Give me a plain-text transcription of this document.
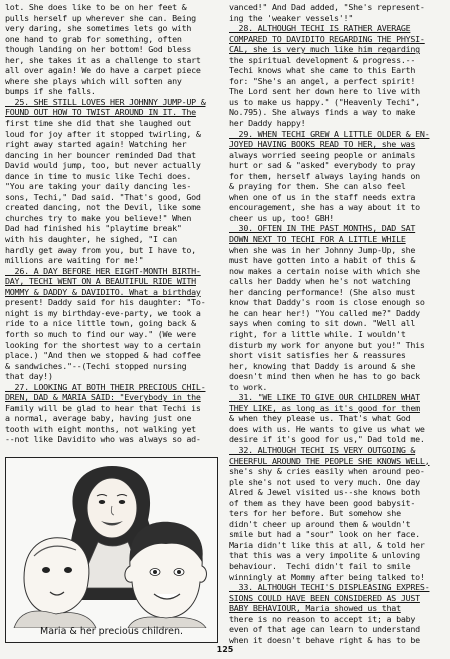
lot. She does like to be on her feet &
pulls herself up wherever she can. Being
very daring, she sometimes lets go with
one hand to grab for something, often
though landing on her bottom! God bless
her, she takes it as a challenge to start
all over again! We do have a carpet piece
where she plays which will soften any
bumps if she falls.
25. SHE STILL LOVES HER JOHNNY JUMP-UP &
FOUND OUT HOW TO TWIST AROUND IN IT. The
first time she did that she laughed out
loud for joy after it stopped twirling, &
right away started again! Watching her
dancing in her bouncer reminded Dad that
David would jump, too, but never actually
dance in time to music like Techi does.
"You are taking your daily dancing les-
sons, Techi," Dad said. "That's good, God
created dancing, not the Devil, like some
churches try to make you believe!" When
Dad had finished his "playtime break"
with his daughter, he sighed, "I can
hardly get away from you, but I have to,
millions are waiting for me!"
26. A DAY BEFORE HER EIGHT-MONTH BIRTH-
DAY, TECHI WENT ON A BEAUTIFUL RIDE WITH
MOMMY & DADDY & DAVIDITO. What a birthday
present! Daddy said for his daughter: "To-
night is my birthday-eve-party, we took a
ride to a nice little town, going back &
forth so much to find our way." (We were
looking for the shortest way to a certain
place.) "And then we stopped & had coffee
& sandwiches."--(Techi stopped nursing
that day!)
27. LOOKING AT BOTH THEIR PRECIOUS CHIL-
DREN, DAD & MARIA SAID: "Everybody in the
Family will be glad to hear that Techi is
a normal, average baby, having just one
tooth with eight months, not walking yet
--not like Davidito who was always so ad-
vanced!" And Dad added, "She's represent-
ing the 'weaker vessels'!"
28. ALTHOUGH TECHI IS RATHER AVERAGE
COMPARED TO DAVIDITO REGARDING THE PHYSI-
CAL, she is very much like him regarding
the spiritual development & progress.--
Techi knows what she came to this Earth
for: "She's an angel, a perfect spirit!
The Lord sent her down here to live with
us to make us happy." ("Heavenly Techi",
No.795). She always finds a way to make
her Daddy happy!
29. WHEN TECHI GREW A LITTLE OLDER & EN-
JOYED HAVING BOOKS READ TO HER, she was
always worried seeing people or animals
hurt or sad & "asked" everybody to pray
for them, herself always laying hands on
& praying for them. She can also feel
when one of us in the staff needs extra
encouragement, she has a way about it to
cheer us up, too! GBH!
30. OFTEN IN THE PAST MONTHS, DAD SAT
DOWN NEXT TO TECHI FOR A LITTLE WHILE
when she was in her Johnny Jump-Up, she
must have gotten into a habit of this &
now makes a certain noise with which she
calls her Daddy when he's not watching
her dancing performance! (She also must
know that Daddy's room is close enough so
he can hear her!) "You called me?" Daddy
says when coming to sit down. "Well all
right, for a little while. I wouldn't
disturb my work for anyone but you!" This
short visit satisfies her & reassures
her, knowing that Daddy is around & she
doesn't mind then when he has to go back
to work.
31. "WE LIKE TO GIVE OUR CHILDREN WHAT
THEY LIKE, as long as it's good for them
& when they please us. That's what God
does with us. He wants to give us what we
desire if it's good for us," Dad told me.
32. ALTHOUGH TECHI IS VERY OUTGOING &
CHEERFUL AROUND THE PEOPLE SHE KNOWS WELL,
she's shy & cries easily when around peo-
ple she's not used to very much. One day
Alred & Jewel visited us--she knows both
of them as they have been good babysit-
ters for her before. But somehow she
didn't cheer up around them & wouldn't
smile but had a "sour" look on her face.
Maria didn't like this at all, & told her
that this was a very impolite & unloving
behaviour.  Techi didn't fail to smile
winningly at Mommy after being talked to!
33. ALTHOUGH TECHI'S DISPLEASING EXPRES-
SIONS COULD HAVE BEEN CONSIDERED AS JUST
BABY BEHAVIOUR, Maria showed us that
there is no reason to accept it; a baby
even of that age can learn to understand
when it doesn't behave right & has to be
Maria & her precious children.
125
